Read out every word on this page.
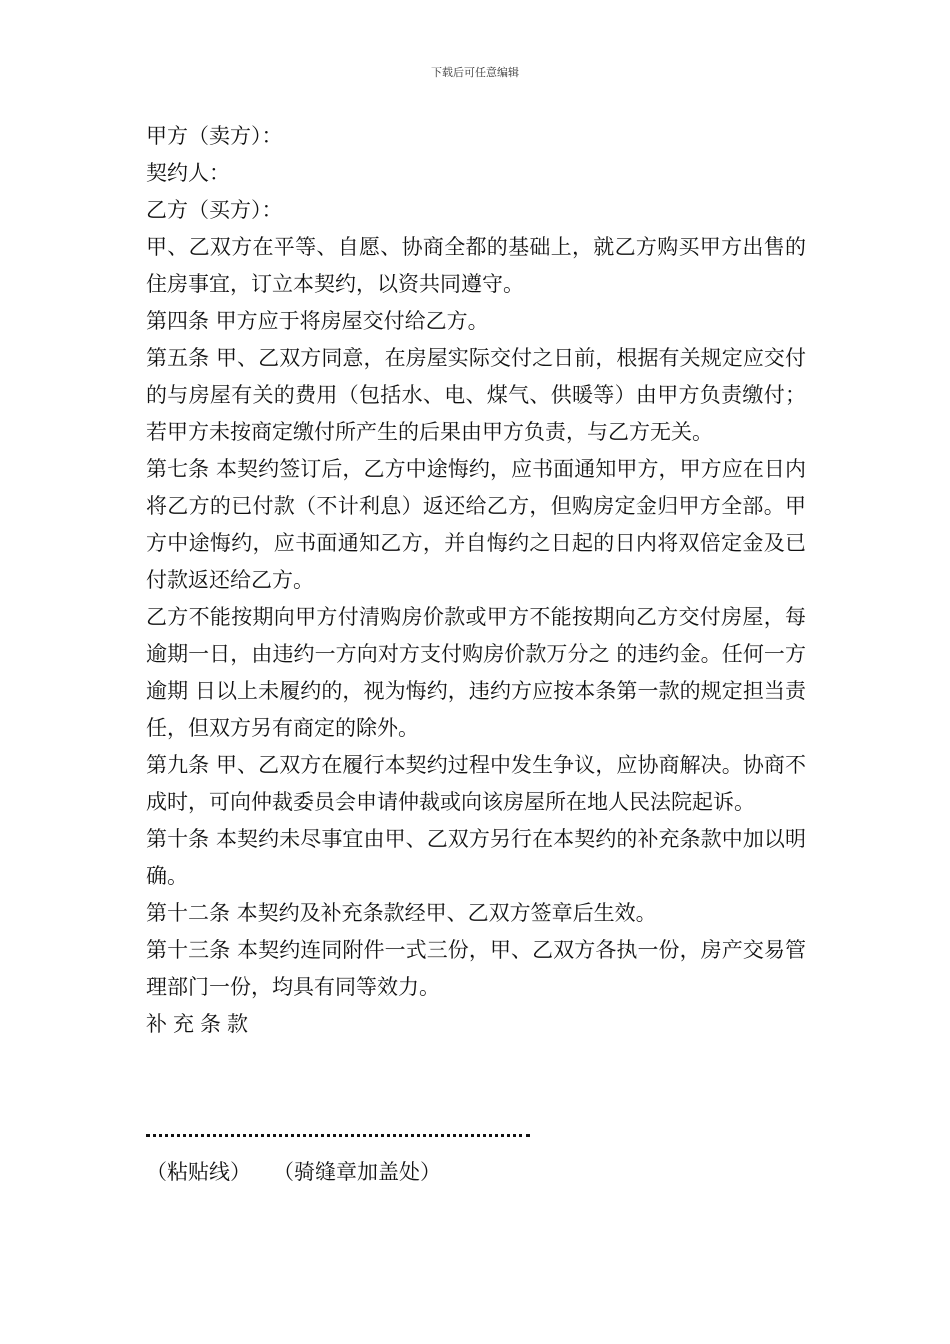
下载后可任意编辑

甲方（卖方）：

契约人：

乙方（买方）：

甲、乙双方在平等、自愿、协商全都的基础上，就乙方购买甲方出售的住房事宜，订立本契约，以资共同遵守。

第四条 甲方应于将房屋交付给乙方。

第五条 甲、乙双方同意，在房屋实际交付之日前，根据有关规定应交付的与房屋有关的费用（包括水、电、煤气、供暖等）由甲方负责缴付；若甲方未按商定缴付所产生的后果由甲方负责，与乙方无关。

第七条 本契约签订后，乙方中途悔约，应书面通知甲方，甲方应在日内将乙方的已付款（不计利息）返还给乙方，但购房定金归甲方全部。甲方中途悔约，应书面通知乙方，并自悔约之日起的日内将双倍定金及已付款返还给乙方。

乙方不能按期向甲方付清购房价款或甲方不能按期向乙方交付房屋，每逾期一日，由违约一方向对方支付购房价款万分之 的违约金。任何一方逾期 日以上未履约的，视为悔约，违约方应按本条第一款的规定担当责任，但双方另有商定的除外。

第九条 甲、乙双方在履行本契约过程中发生争议，应协商解决。协商不成时，可向仲裁委员会申请仲裁或向该房屋所在地人民法院起诉。

第十条 本契约未尽事宜由甲、乙双方另行在本契约的补充条款中加以明确。

第十二条 本契约及补充条款经甲、乙双方签章后生效。

第十三条 本契约连同附件一式三份，甲、乙双方各执一份，房产交易管理部门一份，均具有同等效力。

补充条款

（粘贴线） （骑缝章加盖处）
